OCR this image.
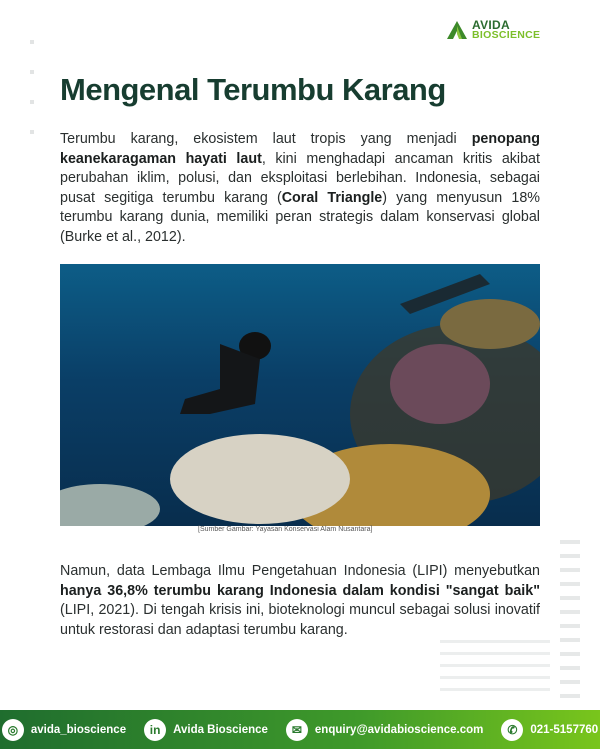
AVIDA
BIOSCIENCE
Mengenal Terumbu Karang

Terumbu karang, ekosistem laut tropis yang menjadi penopang keanekaragaman hayati laut, kini menghadapi ancaman kritis akibat perubahan iklim, polusi, dan eksploitasi berlebihan. Indonesia, sebagai pusat segitiga terumbu karang (Coral Triangle) yang menyusun 18% terumbu karang dunia, memiliki peran strategis dalam konservasi global (Burke et al., 2012).

[Sumber Gambar: Yayasan Konservasi Alam Nusantara]

Namun, data Lembaga Ilmu Pengetahuan Indonesia (LIPI) menyebutkan hanya 36,8% terumbu karang Indonesia dalam kondisi "sangat baik" (LIPI, 2021). Di tengah krisis ini, bioteknologi muncul sebagai solusi inovatif untuk restorasi dan adaptasi terumbu karang.

◎	avida_bioscience	in	Avida Bioscience	✉	enquiry@avidabioscience.com	✆	021-5157760
